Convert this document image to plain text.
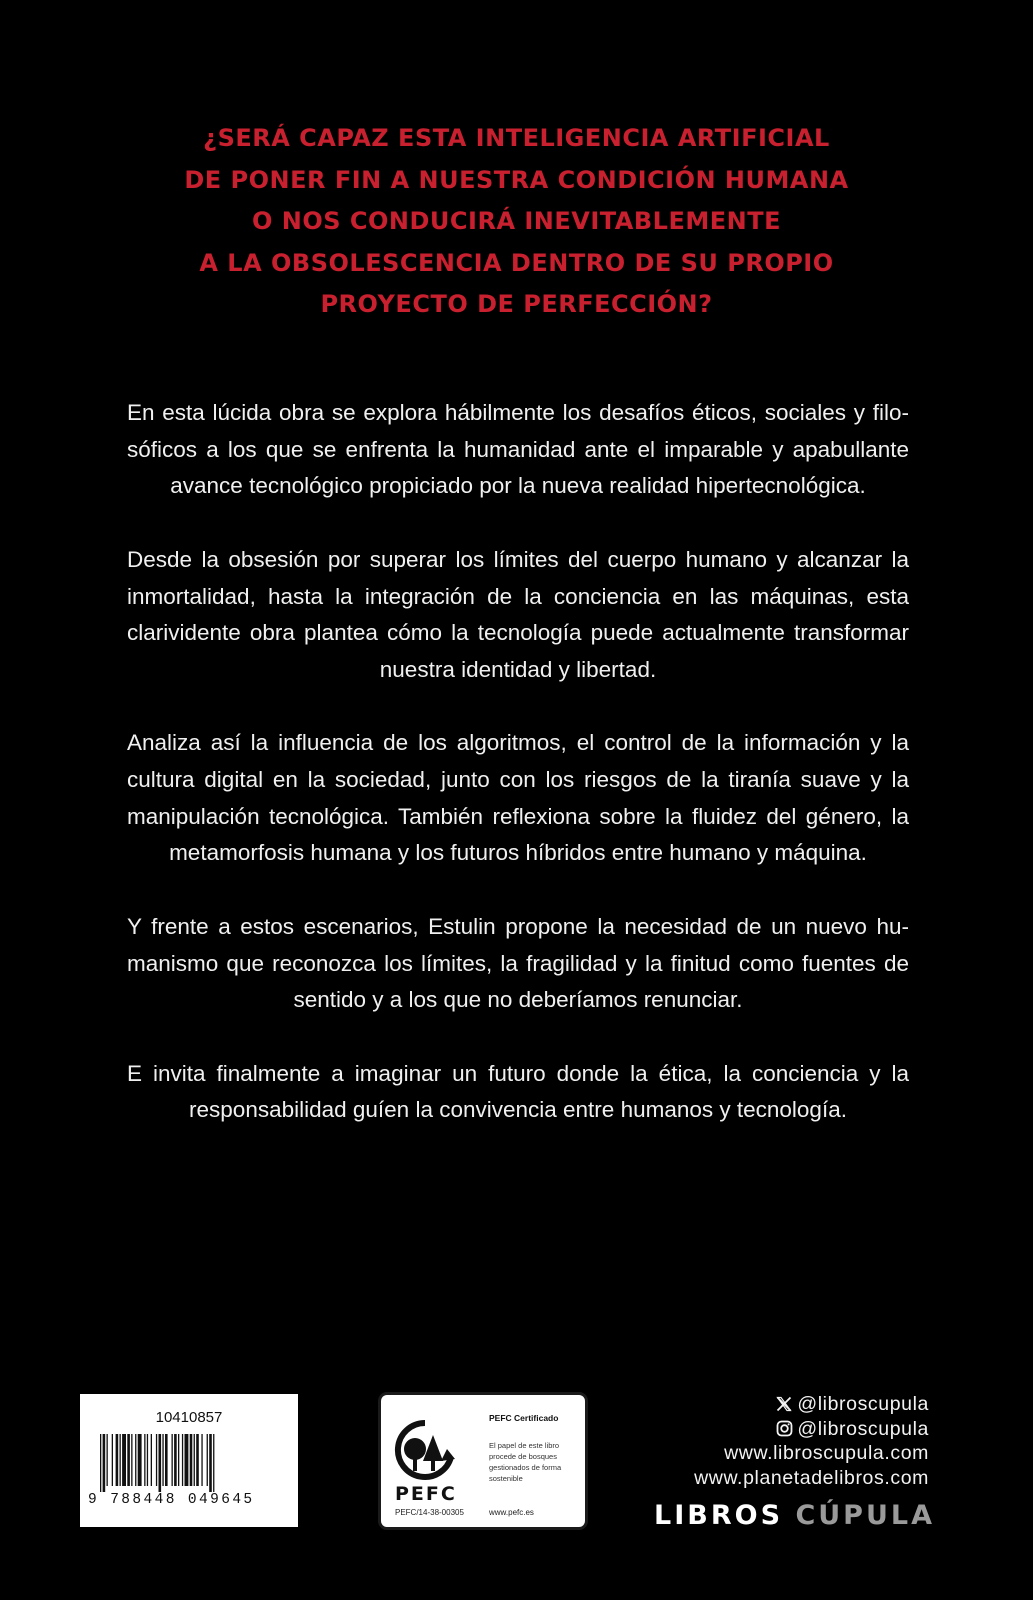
¿SERÁ CAPAZ ESTA INTELIGENCIA ARTIFICIAL
DE PONER FIN A NUESTRA CONDICIÓN HUMANA
O NOS CONDUCIRÁ INEVITABLEMENTE
A LA OBSOLESCENCIA DENTRO DE SU PROPIO
PROYECTO DE PERFECCIÓN?

En esta lúcida obra se explora hábilmente los desafíos éticos, sociales y filosóficos a los que se enfrenta la humanidad ante el imparable y apabullante avance tecnológico propiciado por la nueva realidad hipertecnológica.

Desde la obsesión por superar los límites del cuerpo humano y alcanzar la inmortalidad, hasta la integración de la conciencia en las máquinas, esta clarividente obra plantea cómo la tecnología puede actualmente transformar nuestra identidad y libertad.

Analiza así la influencia de los algoritmos, el control de la información y la cultura digital en la sociedad, junto con los riesgos de la tiranía suave y la manipulación tecnológica. También reflexiona sobre la fluidez del género, la metamorfosis humana y los futuros híbridos entre humano y máquina.

Y frente a estos escenarios, Estulin propone la necesidad de un nuevo humanismo que reconozca los límites, la fragilidad y la finitud como fuentes de sentido y a los que no deberíamos renunciar.

E invita finalmente a imaginar un futuro donde la ética, la conciencia y la responsabilidad guíen la convivencia entre humanos y tecnología.

10410857
9 788448 049645	PEFC
PEFC/14-38-00305
PEFC Certificado
El papel de este libro procede de bosques gestionados de forma sostenible
www.pefc.es
@libroscupula
@libroscupula
www.libroscupula.com
www.planetadelibros.com
LIBROS CÚPULA
